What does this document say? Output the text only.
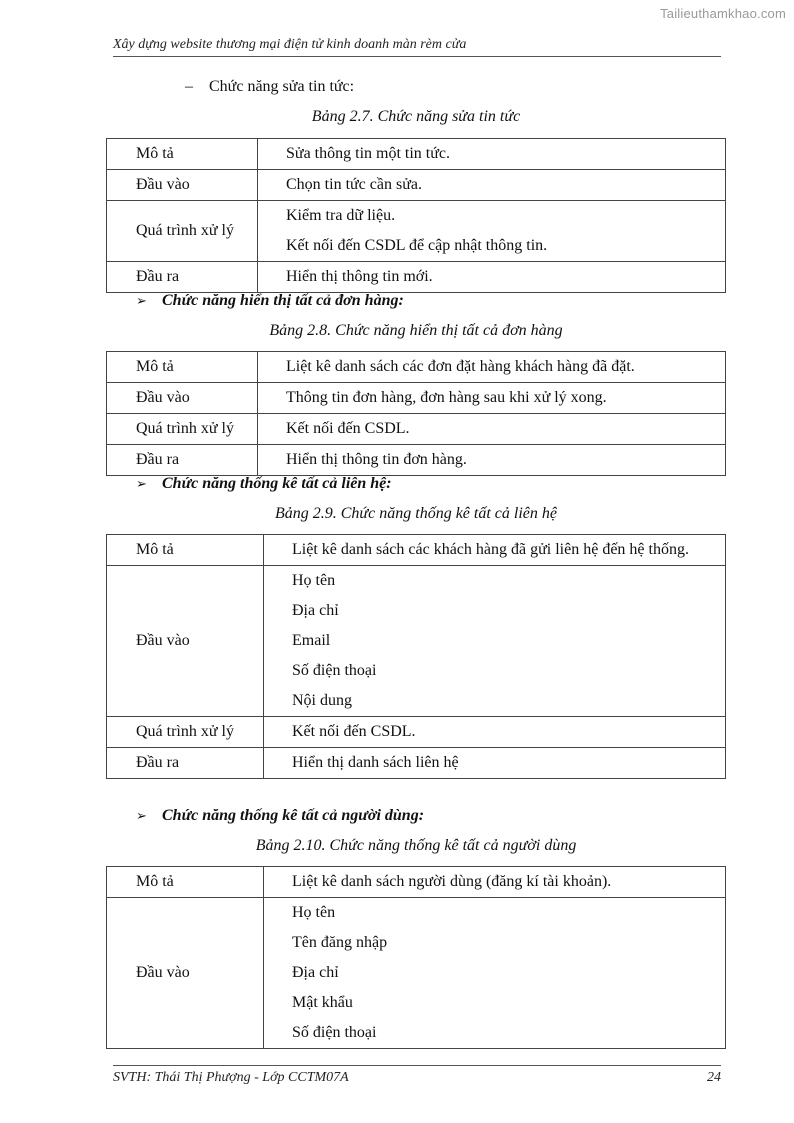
Tailieuthamkhao.com
Xây dựng website thương mại điện tử kinh doanh màn rèm cửa
– Chức năng sửa tin tức:
Bảng 2.7. Chức năng sửa tin tức
Mô tả	Sửa thông tin một tin tức.
Đầu vào	Chọn tin tức cần sửa.
Quá trình xử lý	Kiểm tra dữ liệu.
Kết nối đến CSDL để cập nhật thông tin.

Đầu ra	Hiển thị thông tin mới.
➢ Chức năng hiển thị tất cả đơn hàng:
Bảng 2.8. Chức năng hiển thị tất cả đơn hàng
Mô tả	Liệt kê danh sách các đơn đặt hàng khách hàng đã đặt.
Đầu vào	Thông tin đơn hàng, đơn hàng sau khi xử lý xong.
Quá trình xử lý	Kết nối đến CSDL.
Đầu ra	Hiển thị thông tin đơn hàng.
➢ Chức năng thống kê tất cả liên hệ:
Bảng 2.9. Chức năng thống kê tất cả liên hệ
Mô tả	Liệt kê danh sách các khách hàng đã gửi liên hệ đến hệ thống.

Đầu vào	Họ tên
Địa chỉ
Email
Số điện thoại
Nội dung

Quá trình xử lý	Kết nối đến CSDL.
Đầu ra	Hiển thị danh sách liên hệ
➢ Chức năng thống kê tất cả người dùng:
Bảng 2.10. Chức năng thống kê tất cả người dùng
Mô tả	Liệt kê danh sách người dùng (đăng kí tài khoản).
Đầu vào	Họ tên
Tên đăng nhập
Địa chỉ
Mật khẩu
Số điện thoại
SVTH: Thái Thị Phượng - Lớp CCTM07A	24
